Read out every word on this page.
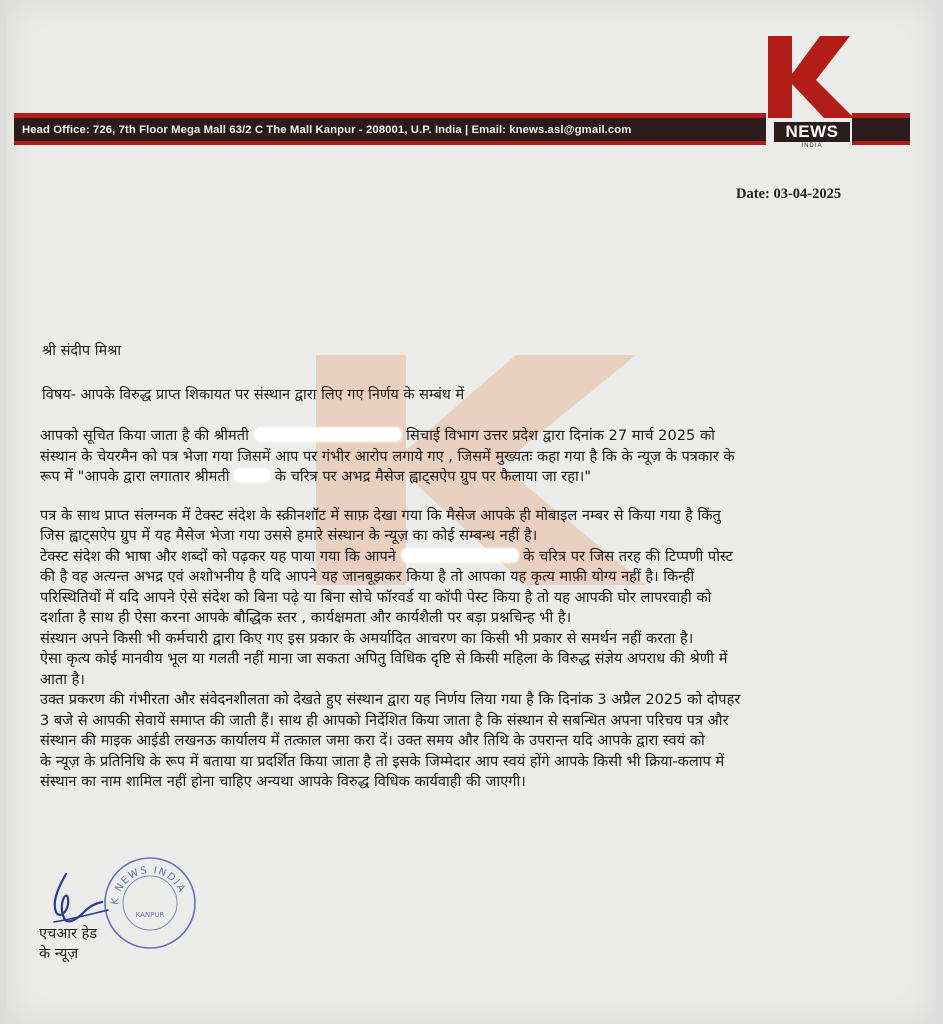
NEWS
INDIA
Head Office: 726, 7th Floor Mega Mall 63/2 C The Mall Kanpur - 208001, U.P. India | Email: knews.asl@gmail.com
Date: 03-04-2025
श्री संदीप मिश्रा
विषय- आपके विरुद्ध प्राप्त शिकायत पर संस्थान द्वारा लिए गए निर्णय के सम्बंध में

आपको सूचित किया जाता है की श्रीमती	सिचाई विभाग उत्तर प्रदेश द्वारा दिनांक 27 मार्च 2025 को

संस्थान के चेयरमैन को पत्र भेजा गया जिसमें आप पर गंभीर आरोप लगाये गए , जिसमें मुख्यतः कहा गया है कि के न्यूज़ के पत्रकार के

रूप में "आपके द्वारा लगातार श्रीमती	के चरित्र पर अभद्र मैसेज ह्वाट्सऐप ग्रुप पर फैलाया जा रहा।"

पत्र के साथ प्राप्त संलग्नक में टेक्स्ट संदेश के स्क्रीनशॉट में साफ़ देखा गया कि मैसेज आपके ही मोबाइल नम्बर से किया गया है किंतु

जिस ह्वाट्सऐप ग्रुप में यह मैसेज भेजा गया उससे हमारे संस्थान के न्यूज़ का कोई सम्बन्ध नहीं है।

टेक्स्ट संदेश की भाषा और शब्दों को पढ़कर यह पाया गया कि आपने	के चरित्र पर जिस तरह की टिप्पणी पोस्ट

की है वह अत्यन्त अभद्र एवं अशोभनीय है यदि आपने यह जानबूझकर किया है तो आपका यह कृत्य माफ़ी योग्य नहीं है। किन्हीं

परिस्थितियों में यदि आपने ऐसे संदेश को बिना पढ़े या बिना सोचे फॉरवर्ड या कॉपी पेस्ट किया है तो यह आपकी घोर लापरवाही को

दर्शाता है साथ ही ऐसा करना आपके बौद्धिक स्तर , कार्यक्षमता और कार्यशैली पर बड़ा प्रश्नचिन्ह भी है।

संस्थान अपने किसी भी कर्मचारी द्वारा किए गए इस प्रकार के अमर्यादित आचरण का किसी भी प्रकार से समर्थन नहीं करता है।

ऐसा कृत्य कोई मानवीय भूल या गलती नहीं माना जा सकता अपितु विधिक दृष्टि से किसी महिला के विरुद्ध संज्ञेय अपराध की श्रेणी में

आता है।

उक्त प्रकरण की गंभीरता और संवेदनशीलता को देखते हुए संस्थान द्वारा यह निर्णय लिया गया है कि दिनांक 3 अप्रैल 2025 को दोपहर

3 बजे से आपकी सेवायें समाप्त की जाती हैं। साथ ही आपको निर्देशित किया जाता है कि संस्थान से सबन्धित अपना परिचय पत्र और

संस्थान की माइक आईडी लखनऊ कार्यालय में तत्काल जमा करा दें। उक्त समय और तिथि के उपरान्त यदि आपके द्वारा स्वयं को

के न्यूज़ के प्रतिनिधि के रूप में बताया या प्रदर्शित किया जाता है तो इसके जिम्मेदार आप स्वयं होंगे आपके किसी भी क्रिया-कलाप में

संस्थान का नाम शामिल नहीं होना चाहिए अन्यथा आपके विरुद्ध विधिक कार्यवाही की जाएगी।

K NEWS INDIA
KANPUR
एचआर हेड
के न्यूज़
